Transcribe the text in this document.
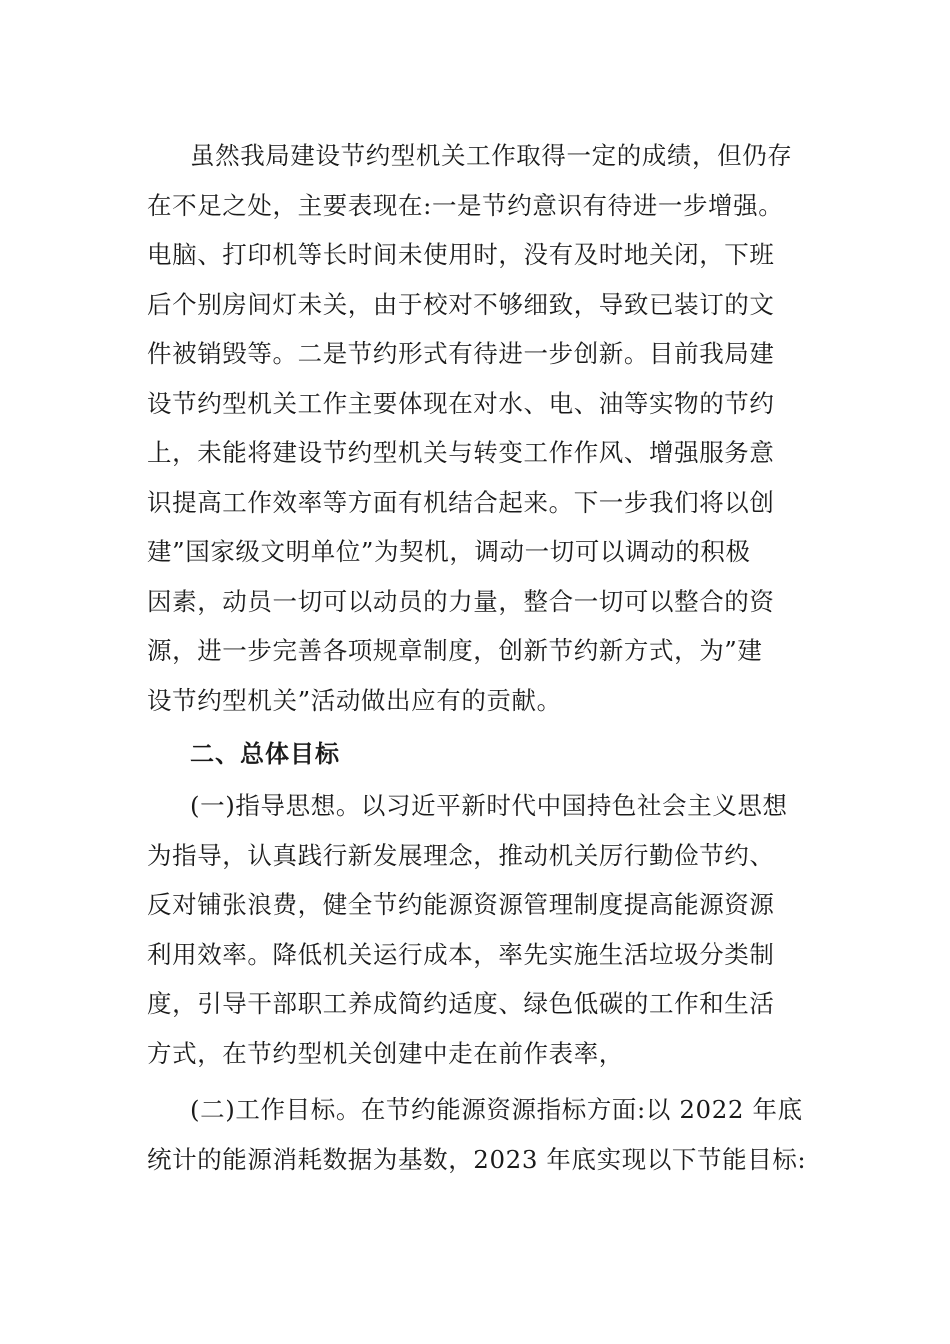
虽然我局建设节约型机关工作取得一定的成绩，但仍存
在不足之处，主要表现在:一是节约意识有待进一步增强。
电脑、打印机等长时间未使用时，没有及时地关闭，下班
后个别房间灯未关，由于校对不够细致，导致已装订的文
件被销毁等。二是节约形式有待进一步创新。目前我局建
设节约型机关工作主要体现在对水、电、油等实物的节约
上，未能将建设节约型机关与转变工作作风、增强服务意
识提高工作效率等方面有机结合起来。下一步我们将以创
建”国家级文明单位”为契机，调动一切可以调动的积极
因素，动员一切可以动员的力量，整合一切可以整合的资
源，进一步完善各项规章制度，创新节约新方式，为”建
设节约型机关”活动做出应有的贡献。
二、总体目标
(一)指导思想。以习近平新时代中国持色社会主义思想
为指导，认真践行新发展理念，推动机关厉行勤俭节约、
反对铺张浪费，健全节约能源资源管理制度提高能源资源
利用效率。降低机关运行成本，率先实施生活垃圾分类制
度，引导干部职工养成简约适度、绿色低碳的工作和生活
方式，在节约型机关创建中走在前作表率，
(二)工作目标。在节约能源资源指标方面:以 2022 年底
统计的能源消耗数据为基数，2023 年底实现以下节能目标:
